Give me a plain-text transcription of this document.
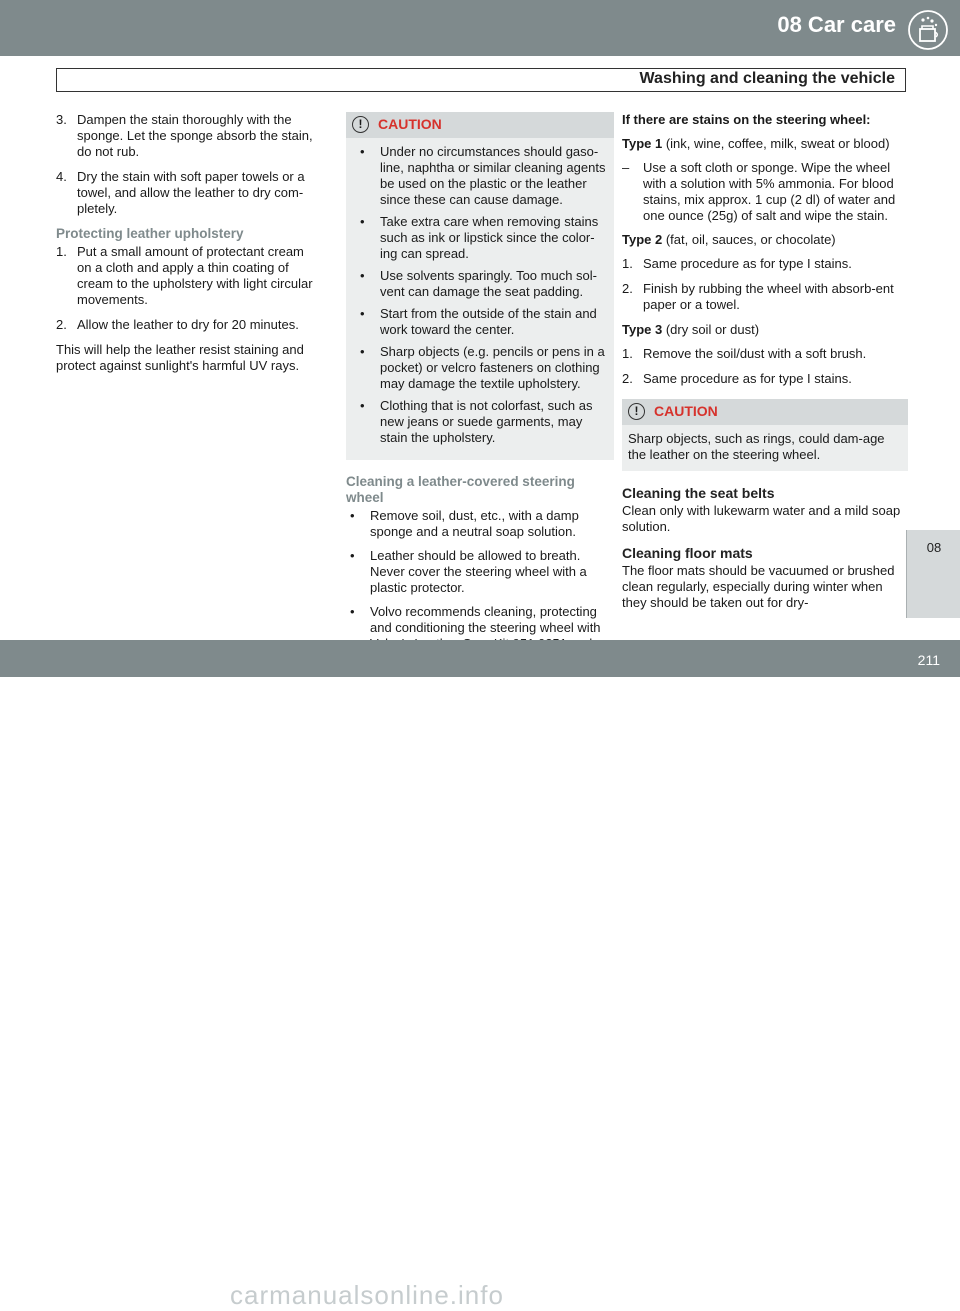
08 Car care
Washing and cleaning the vehicle
3. Dampen the stain thoroughly with the sponge. Let the sponge absorb the stain, do not rub.
4. Dry the stain with soft paper towels or a towel, and allow the leather to dry com-pletely.
Protecting leather upholstery
1. Put a small amount of protectant cream on a cloth and apply a thin coating of cream to the upholstery with light circular movements.
2. Allow the leather to dry for 20 minutes.
This will help the leather resist staining and protect against sunlight's harmful UV rays.
!	CAUTION
• Under no circumstances should gaso-line, naphtha or similar cleaning agents be used on the plastic or the leather since these can cause damage.
• Take extra care when removing stains such as ink or lipstick since the color-ing can spread.
• Use solvents sparingly. Too much sol-vent can damage the seat padding.
• Start from the outside of the stain and work toward the center.
• Sharp objects (e.g. pencils or pens in a pocket) or velcro fasteners on clothing may damage the textile upholstery.
• Clothing that is not colorfast, such as new jeans or suede garments, may stain the upholstery.
Cleaning a leather-covered steering wheel
• Remove soil, dust, etc., with a damp sponge and a neutral soap solution.
• Leather should be allowed to breath. Never cover the steering wheel with a plastic protector.
• Volvo recommends cleaning, protecting and conditioning the steering wheel with
If there are stains on the steering wheel:
Type 1 (ink, wine, coffee, milk, sweat or blood)
– Use a soft cloth or sponge. Wipe the wheel with a solution with 5% ammonia. For blood stains, mix approx. 1 cup (2 dl) of water and one ounce (25g) of salt and wipe the stain.
Type 2 (fat, oil, sauces, or chocolate)
1. Same procedure as for type I stains.
2. Finish by rubbing the wheel with absorb-ent paper or a towel.
Type 3 (dry soil or dust)
1. Remove the soil/dust with a soft brush.
2. Same procedure as for type I stains.
!	CAUTION
Sharp objects, such as rings, could dam-age the leather on the steering wheel.
Cleaning the seat belts
Clean only with lukewarm water and a mild soap solution.
Cleaning floor mats
The floor mats should be vacuumed or brushed clean regularly, especially during winter when they should be taken out for dry-
08
carmanualsonline.info
211
